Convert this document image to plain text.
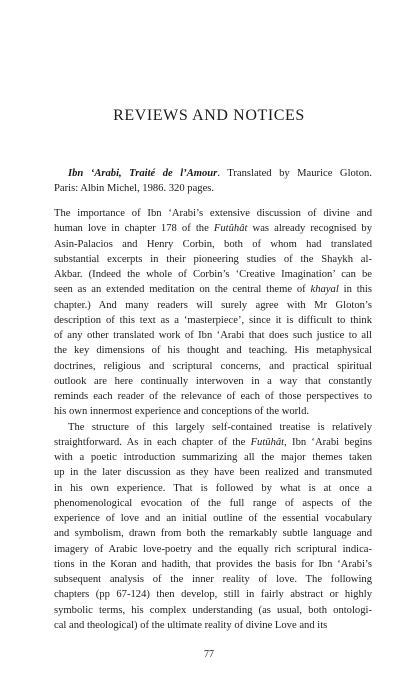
REVIEWS AND NOTICES
Ibn ‘Arabi, Traité de l’Amour. Translated by Maurice Gloton.
Paris: Albin Michel, 1986. 320 pages.
The importance of Ibn ‘Arabi’s extensive discussion of divine and
human love in chapter 178 of the Futûhât was already recognised by
Asin-Palacios and Henry Corbin, both of whom had translated
substantial excerpts in their pioneering studies of the Shaykh al-
Akbar. (Indeed the whole of Corbin’s ‘Creative Imagination’ can be
seen as an extended meditation on the central theme of khayal in this
chapter.) And many readers will surely agree with Mr Gloton’s
description of this text as a ‘masterpiece’, since it is difficult to think
of any other translated work of Ibn ‘Arabi that does such justice to all
the key dimensions of his thought and teaching. His metaphysical
doctrines, religious and scriptural concerns, and practical spiritual
outlook are here continually interwoven in a way that constantly
reminds each reader of the relevance of each of those perspectives to
his own innermost experience and conceptions of the world.
The structure of this largely self-contained treatise is relatively
straightforward. As in each chapter of the Futûhât, Ibn ‘Arabi begins
with a poetic introduction summarizing all the major themes taken
up in the later discussion as they have been realized and transmuted
in his own experience. That is followed by what is at once a
phenomenological evocation of the full range of aspects of the
experience of love and an initial outline of the essential vocabulary
and symbolism, drawn from both the remarkably subtle language and
imagery of Arabic love-poetry and the equally rich scriptural indica-
tions in the Koran and hadith, that provides the basis for Ibn ‘Arabi’s
subsequent analysis of the inner reality of love. The following
chapters (pp 67-124) then develop, still in fairly abstract or highly
symbolic terms, his complex understanding (as usual, both ontologi-
cal and theological) of the ultimate reality of divine Love and its
77
